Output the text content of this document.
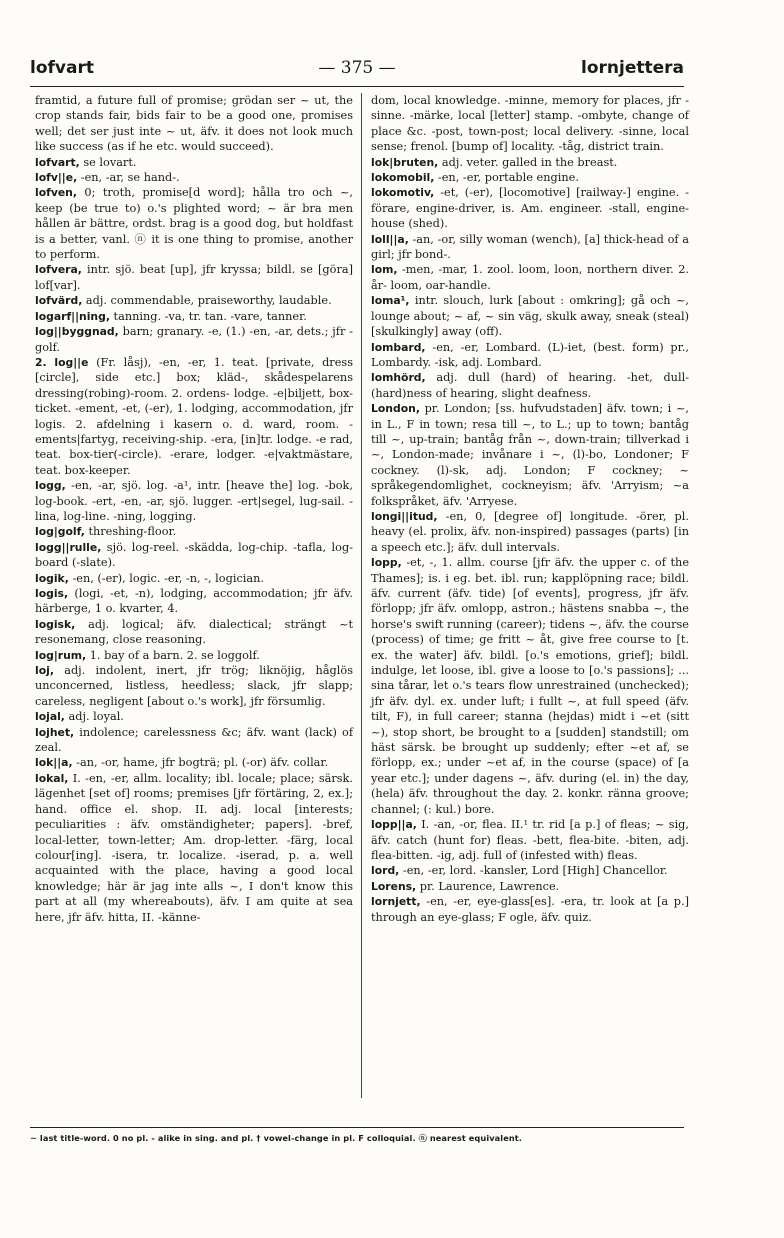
lofvart	— 375 —	lornjettera

framtid, a future full of promise; grödan ser ~ ut, the crop stands fair, bids fair to be a good one, promises well; det ser just inte ~ ut, äfv. it does not look much like success (as if he etc. would succeed).

lofvart, se lovart.

lofv||e, -en, -ar, se hand-.

lofven, 0; troth, promise[d word]; hålla tro och ~, keep (be true to) o.'s plighted word; ~ är bra men hållen är bättre, ordst. brag is a good dog, but holdfast is a better, vanl. ⓝ it is one thing to promise, another to perform.

lofvera, intr. sjö. beat [up], jfr kryssa; bildl. se [göra] lof[var].

lofvärd, adj. commendable, praiseworthy, laudable.

logarf||ning, tanning. -va, tr. tan. -vare, tanner.

log||byggnad, barn; granary. -e, (1.) -en, -ar, dets.; jfr -golf.

2. log||e (Fr. låsj), -en, -er, 1. teat. [private, dress [circle], side etc.] box; kläd-, skådespelarens dressing(robing)-room. 2. ordens- lodge. -e|biljett, box-ticket. -ement, -et, (-er), 1. lodging, accommodation, jfr logis. 2. afdelning i kasern o. d. ward, room. -ements|fartyg, receiving-ship. -era, [in]tr. lodge. -e rad, teat. box-tier(-circle). -erare, lodger. -e|vaktmästare, teat. box-keeper.

logg, -en, -ar, sjö. log. -a¹, intr. [heave the] log. -bok, log-book. -ert, -en, -ar, sjö. lugger. -ert|segel, lug-sail. -lina, log-line. -ning, logging.

log|golf, threshing-floor.

logg||rulle, sjö. log-reel. -skädda, log-chip. -tafla, log-board (-slate).

logik, -en, (-er), logic. -er, -n, -, logician.

logis, (logi, -et, -n), lodging, accommodation; jfr äfv. härberge, 1 o. kvarter, 4.

logisk, adj. logical; äfv. dialectical; strängt ~t resonemang, close reasoning.

log|rum, 1. bay of a barn. 2. se loggolf.

loj, adj. indolent, inert, jfr trög; liknöjig, håglös unconcerned, listless, heedless; slack, jfr slapp; careless, negligent [about o.'s work], jfr försumlig.

lojal, adj. loyal.

lojhet, indolence; carelessness &c; äfv. want (lack) of zeal.

lok||a, -an, -or, hame, jfr bogträ; pl. (-or) äfv. collar.

lokal, I. -en, -er, allm. locality; ibl. locale; place; särsk. lägenhet [set of] rooms; premises [jfr förtäring, 2, ex.]; hand. office el. shop. II. adj. local [interests; peculiarities : äfv. omständigheter; papers]. -bref, local-letter, town-letter; Am. drop-letter. -färg, local colour[ing]. -isera, tr. localize. -iserad, p. a. well acquainted with the place, having a good local knowledge; här är jag inte alls ~, I don't know this part at all (my whereabouts), äfv. I am quite at sea here, jfr äfv. hitta, II. -känne-

dom, local knowledge. -minne, memory for places, jfr -sinne. -märke, local [letter] stamp. -ombyte, change of place &c. -post, town-post; local delivery. -sinne, local sense; frenol. [bump of] locality. -tåg, district train.

lok|bruten, adj. veter. galled in the breast.

lokomobil, -en, -er, portable engine.

lokomotiv, -et, (-er), [locomotive] [railway-] engine. -förare, engine-driver, is. Am. engineer. -stall, engine-house (shed).

loll||a, -an, -or, silly woman (wench), [a] thick-head of a girl; jfr bond-.

lom, -men, -mar, 1. zool. loom, loon, northern diver. 2. år- loom, oar-handle.

loma¹, intr. slouch, lurk [about : omkring]; gå och ~, lounge about; ~ af, ~ sin väg, skulk away, sneak (steal) [skulkingly] away (off).

lombard, -en, -er, Lombard. (L)-iet, (best. form) pr., Lombardy. -isk, adj. Lombard.

lomhörd, adj. dull (hard) of hearing. -het, dull-(hard)ness of hearing, slight deafness.

London, pr. London; [ss. hufvudstaden] äfv. town; i ~, in L., F in town; resa till ~, to L.; up to town; bantåg till ~, up-train; bantåg från ~, down-train; tillverkad i ~, London-made; invånare i ~, (l)-bo, Londoner; F cockney. (l)-sk, adj. London; F cockney; ~ språkegendomlighet, cockneyism; äfv. 'Arryism; ~a folkspråket, äfv. 'Arryese.

longi||itud, -en, 0, [degree of] longitude. -örer, pl. heavy (el. prolix, äfv. non-inspired) passages (parts) [in a speech etc.]; äfv. dull intervals.

lopp, -et, -, 1. allm. course [jfr äfv. the upper c. of the Thames]; is. i eg. bet. ibl. run; kapplöpning race; bildl. äfv. current (äfv. tide) [of events], progress, jfr äfv. förlopp; jfr äfv. omlopp, astron.; hästens snabba ~, the horse's swift running (career); tidens ~, äfv. the course (process) of time; ge fritt ~ åt, give free course to [t. ex. the water] äfv. bildl. [o.'s emotions, grief]; bildl. indulge, let loose, ibl. give a loose to [o.'s passions]; ... sina tårar, let o.'s tears flow unrestrained (unchecked); jfr äfv. dyl. ex. under luft; i fullt ~, at full speed (äfv. tilt, F), in full career; stanna (hejdas) midt i ~et (sitt ~), stop short, be brought to a [sudden] standstill; om häst särsk. be brought up suddenly; efter ~et af, se förlopp, ex.; under ~et af, in the course (space) of [a year etc.]; under dagens ~, äfv. during (el. in) the day, (hela) äfv. throughout the day. 2. konkr. ränna groove; channel; (: kul.) bore.

lopp||a, I. -an, -or, flea. II.¹ tr. rid [a p.] of fleas; ~ sig, äfv. catch (hunt for) fleas. -bett, flea-bite. -biten, adj. flea-bitten. -ig, adj. full of (infested with) fleas.

lord, -en, -er, lord. -kansler, Lord [High] Chancellor.

Lorens, pr. Laurence, Lawrence.

lornjett, -en, -er, eye-glass[es]. -era, tr. look at [a p.] through an eye-glass; F ogle, äfv. quiz.

~ last title-word. 0 no pl. - alike in sing. and pl. † vowel-change in pl. F colloquial. ⓝ nearest equivalent.
